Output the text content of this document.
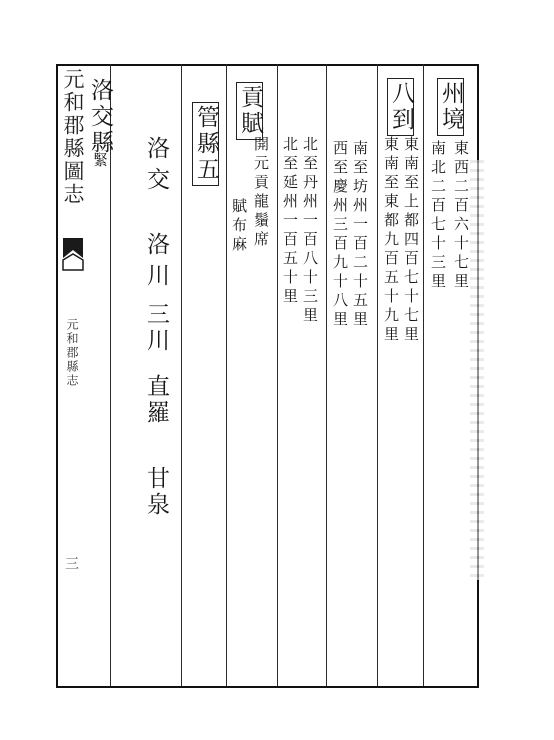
元和郡縣圖志
元和郡縣志
三
州境
東西二百六十七里
南北二百七十三里
八到
東南至上都四百七十七里
東南至東都九百五十九里
南至坊州一百二十五里
西至慶州三百九十八里
北至丹州一百八十三里
北至延州一百五十里
貢賦
開元貢龍鬚席
賦布麻
管縣五
洛交 洛川
三川
直羅
甘泉
洛交縣
緊
